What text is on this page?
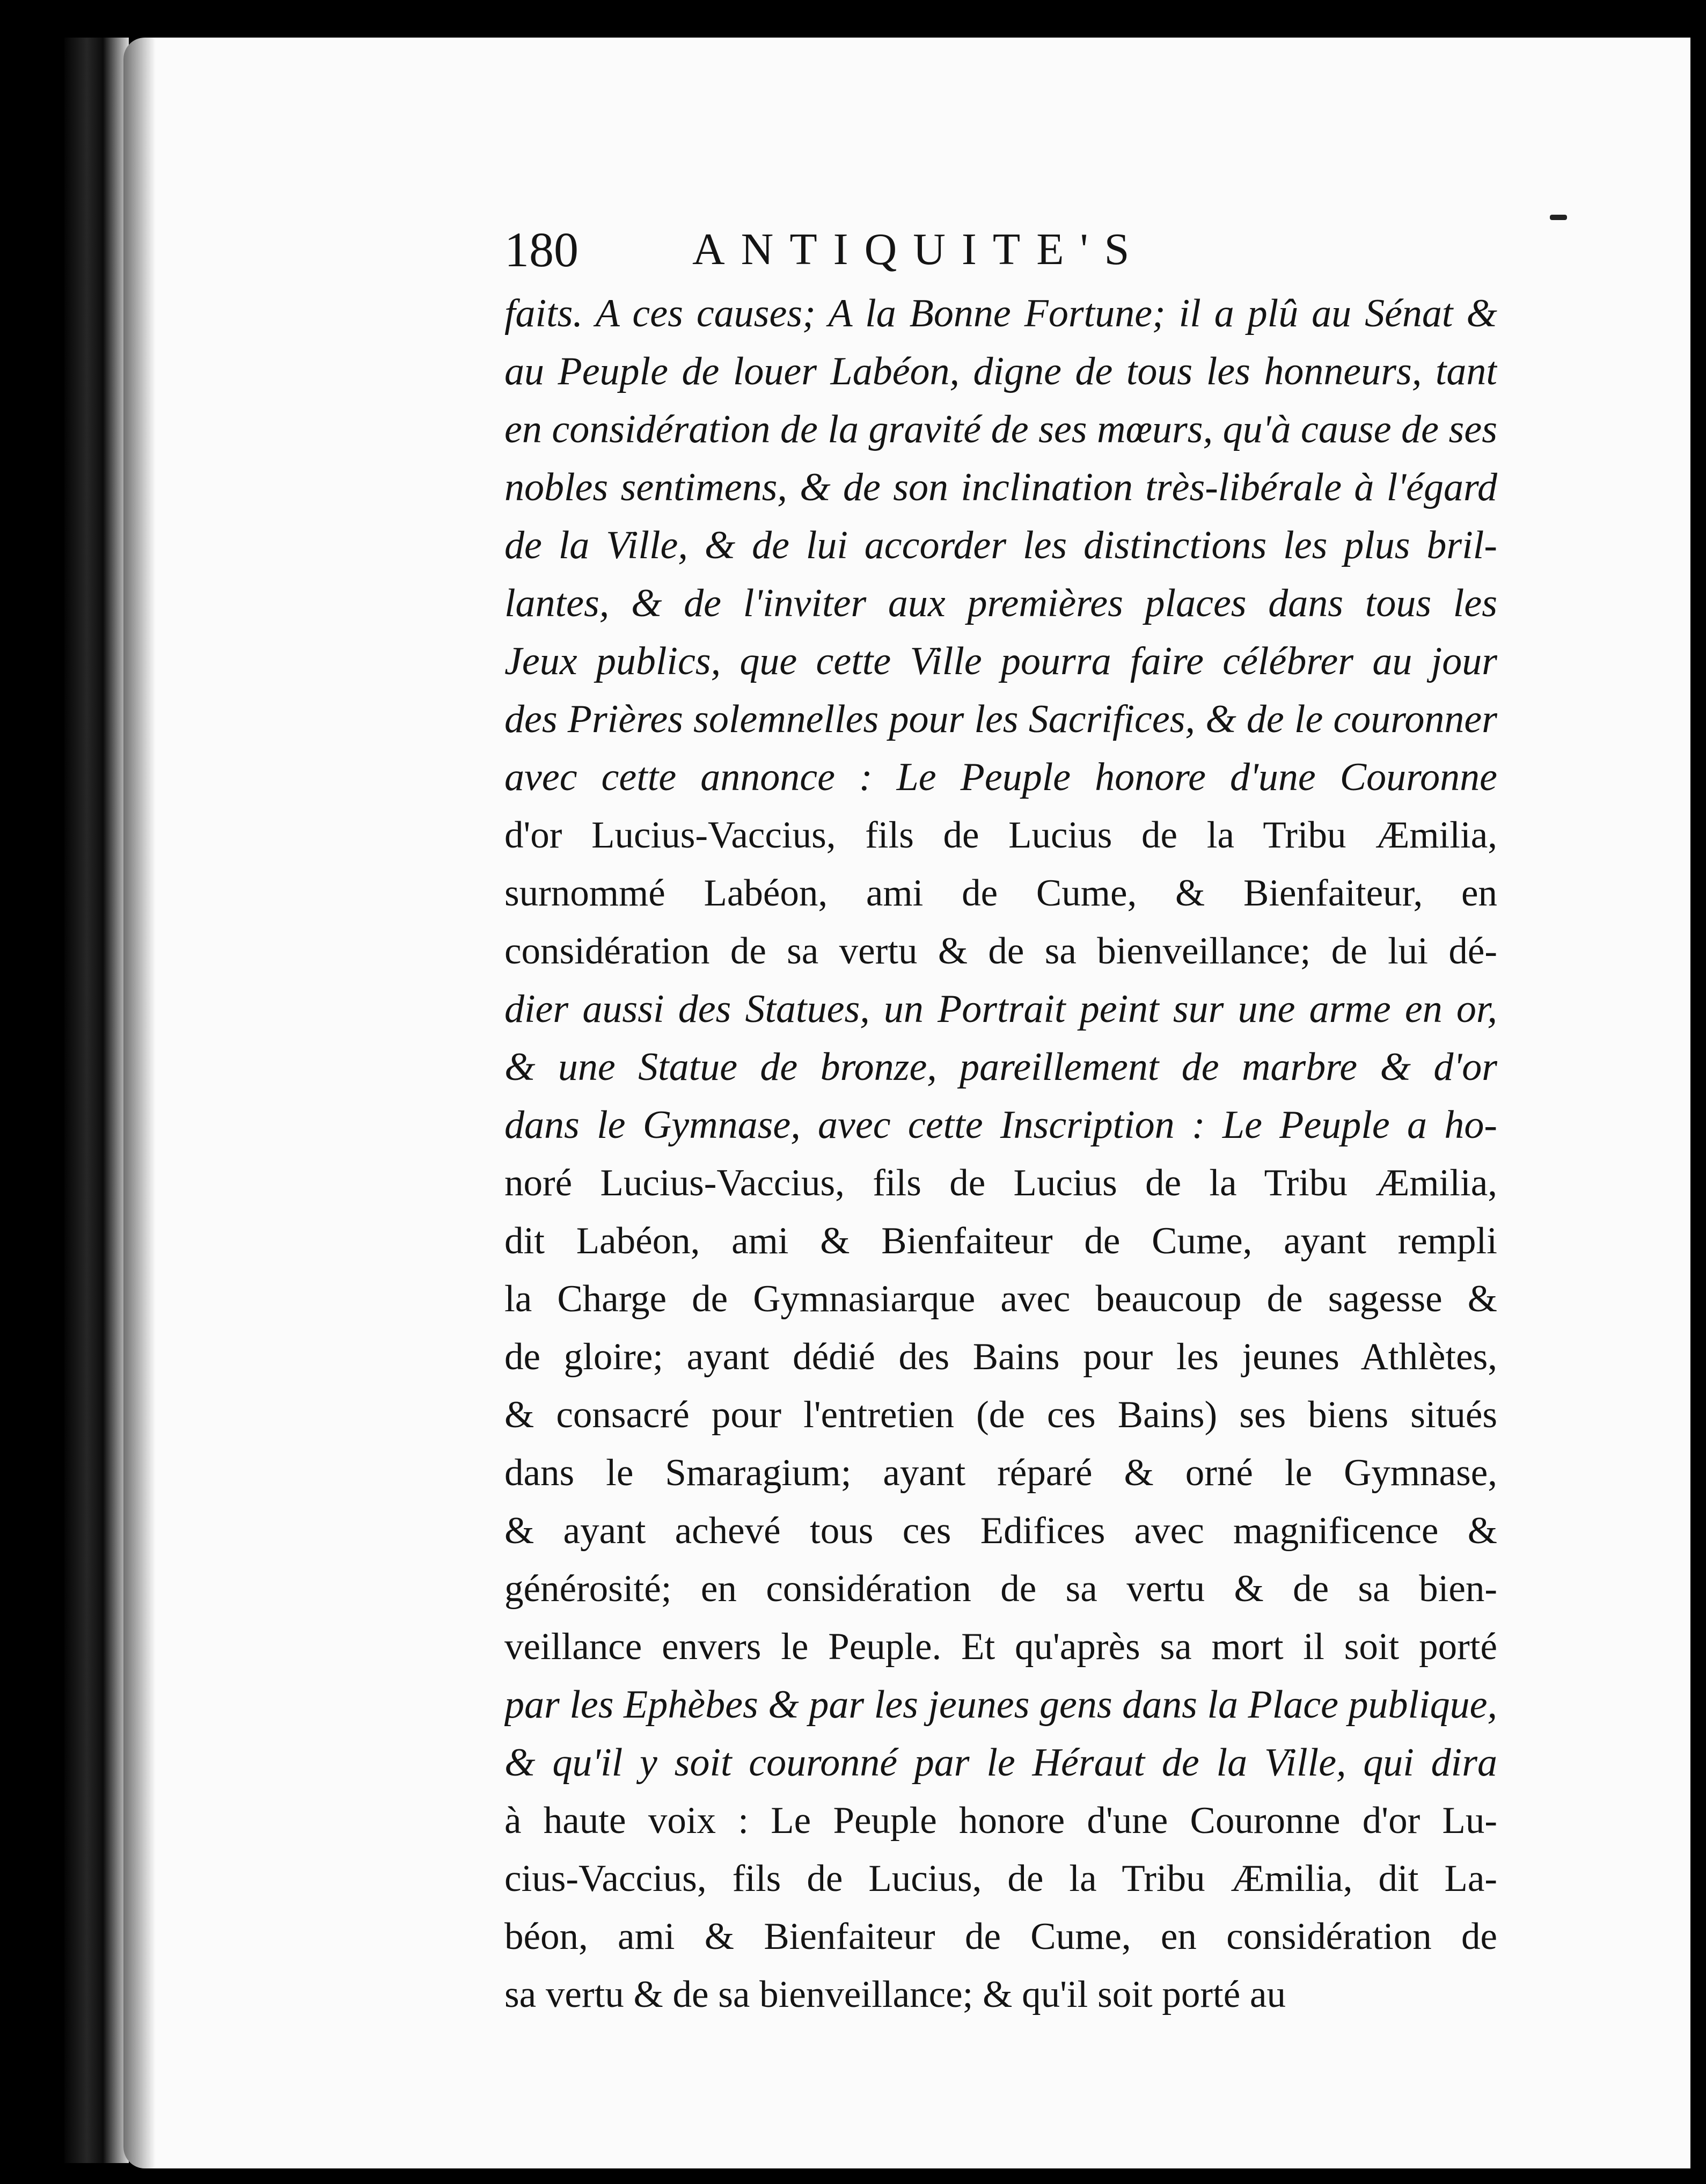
180	ANTIQUITE'S
faits. A ces causes; A la Bonne Fortune; il a plû au Sénat &
au Peuple de louer Labéon, digne de tous les honneurs, tant
en considération de la gravité de ses mœurs, qu'à cause de ses
nobles sentimens, & de son inclination très-libérale à l'égard
de la Ville, & de lui accorder les distinctions les plus bril-
lantes, & de l'inviter aux premières places dans tous les
Jeux publics, que cette Ville pourra faire célébrer au jour
des Prières solemnelles pour les Sacrifices, & de le couronner
avec cette annonce : Le Peuple honore d'une Couronne
d'or Lucius-Vaccius, fils de Lucius de la Tribu Æmilia,
surnommé Labéon, ami de Cume, & Bienfaiteur, en
considération de sa vertu & de sa bienveillance; de lui dé-
dier aussi des Statues, un Portrait peint sur une arme en or,
& une Statue de bronze, pareillement de marbre & d'or
dans le Gymnase, avec cette Inscription : Le Peuple a ho-
noré Lucius-Vaccius, fils de Lucius de la Tribu Æmilia,
dit Labéon, ami & Bienfaiteur de Cume, ayant rempli
la Charge de Gymnasiarque avec beaucoup de sagesse &
de gloire; ayant dédié des Bains pour les jeunes Athlètes,
& consacré pour l'entretien (de ces Bains) ses biens situés
dans le Smaragium; ayant réparé & orné le Gymnase,
& ayant achevé tous ces Edifices avec magnificence &
générosité; en considération de sa vertu & de sa bien-
veillance envers le Peuple. Et qu'après sa mort il soit porté
par les Ephèbes & par les jeunes gens dans la Place publique,
& qu'il y soit couronné par le Héraut de la Ville, qui dira
à haute voix : Le Peuple honore d'une Couronne d'or Lu-
cius-Vaccius, fils de Lucius, de la Tribu Æmilia, dit La-
béon, ami & Bienfaiteur de Cume, en considération de
sa vertu & de sa bienveillance; & qu'il soit porté au
